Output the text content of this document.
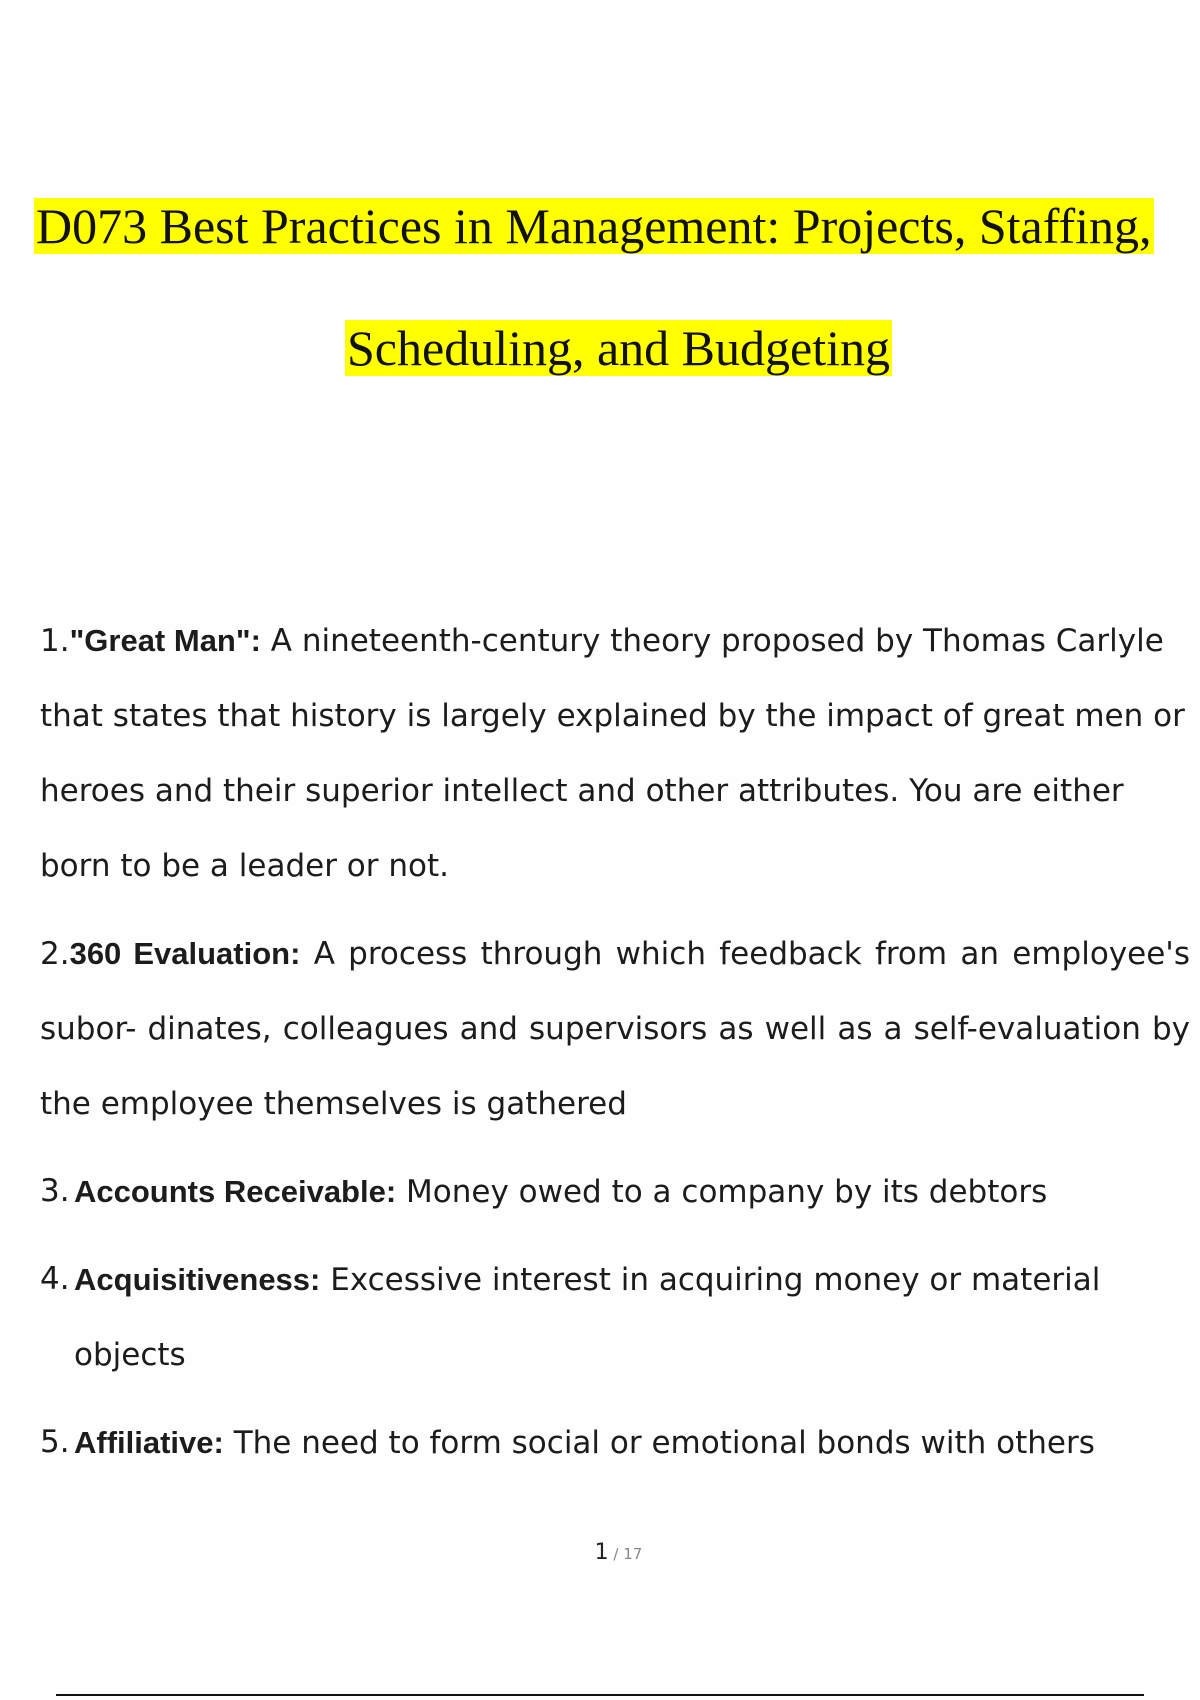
D073 Best Practices in Management: Projects, Staffing,
Scheduling, and Budgeting
1."Great Man": A nineteenth-century theory proposed by Thomas Carlyle that states that history is largely explained by the impact of great men or heroes and their superior intellect and other attributes. You are either born to be a leader or not.
2.360 Evaluation: A process through which feedback from an employee's subor- dinates, colleagues and supervisors as well as a self-evaluation by the employee themselves is gathered
3. Accounts Receivable: Money owed to a company by its debtors
4. Acquisitiveness: Excessive interest in acquiring money or material objects
5. Affiliative: The need to form social or emotional bonds with others
1 / 17
